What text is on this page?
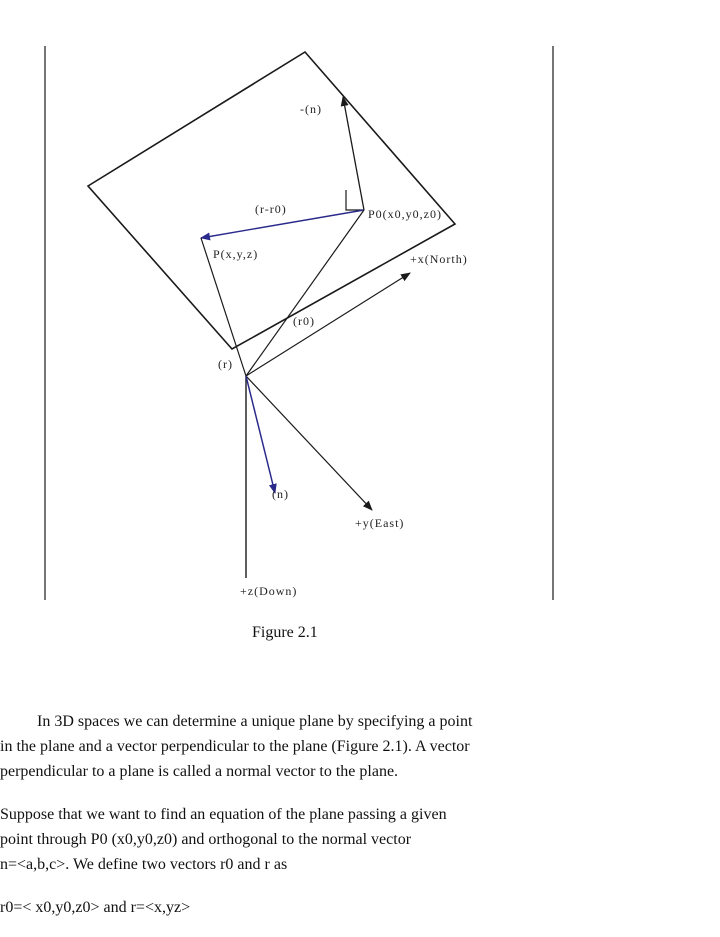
-(n)
(r-r0)	P0(x0,y0,z0)
P(x,y,z)	+x(North)
(r0)
(r)
(n)
+y(East)
+z(Down)
Figure 2.1

In 3D spaces we can determine a unique plane by specifying a point

in the plane and a vector perpendicular to the plane (Figure 2.1). A vector

perpendicular to a plane is called a normal vector to the plane.

Suppose that we want to find an equation of the plane passing a given

point through P0 (x0,y0,z0) and orthogonal to the normal vector

n=<a,b,c>. We define two vectors r0 and r as

r0=< x0,y0,z0> and r=<x,yz>
